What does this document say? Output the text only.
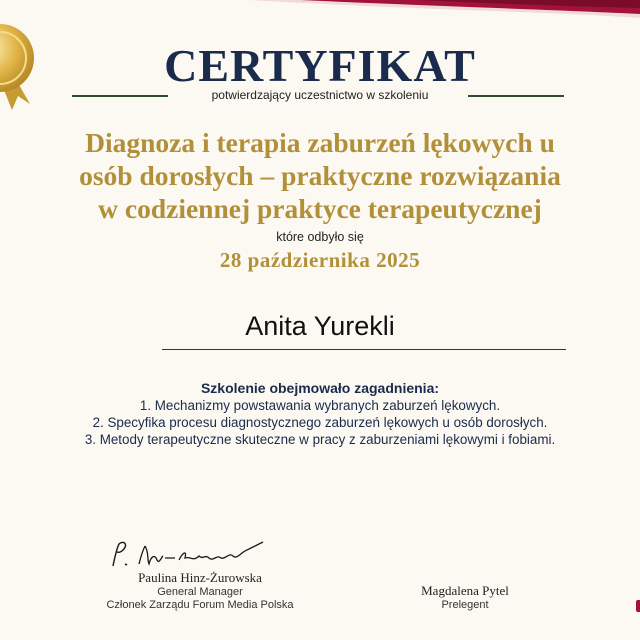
CERTYFIKAT
potwierdzający uczestnictwo w szkoleniu
Diagnoza i terapia zaburzeń lękowych u
osób dorosłych – praktyczne rozwiązania
w codziennej praktyce terapeutycznej
które odbyło się
28 października 2025
Anita Yurekli
Szkolenie obejmowało zagadnienia:
1. Mechanizmy powstawania wybranych zaburzeń lękowych.
2. Specyfika procesu diagnostycznego zaburzeń lękowych u osób dorosłych.
3. Metody terapeutyczne skuteczne w pracy z zaburzeniami lękowymi i fobiami.
Paulina Hinz-Żurowska
General Manager
Członek Zarządu Forum Media Polska
Magdalena Pytel
Prelegent
